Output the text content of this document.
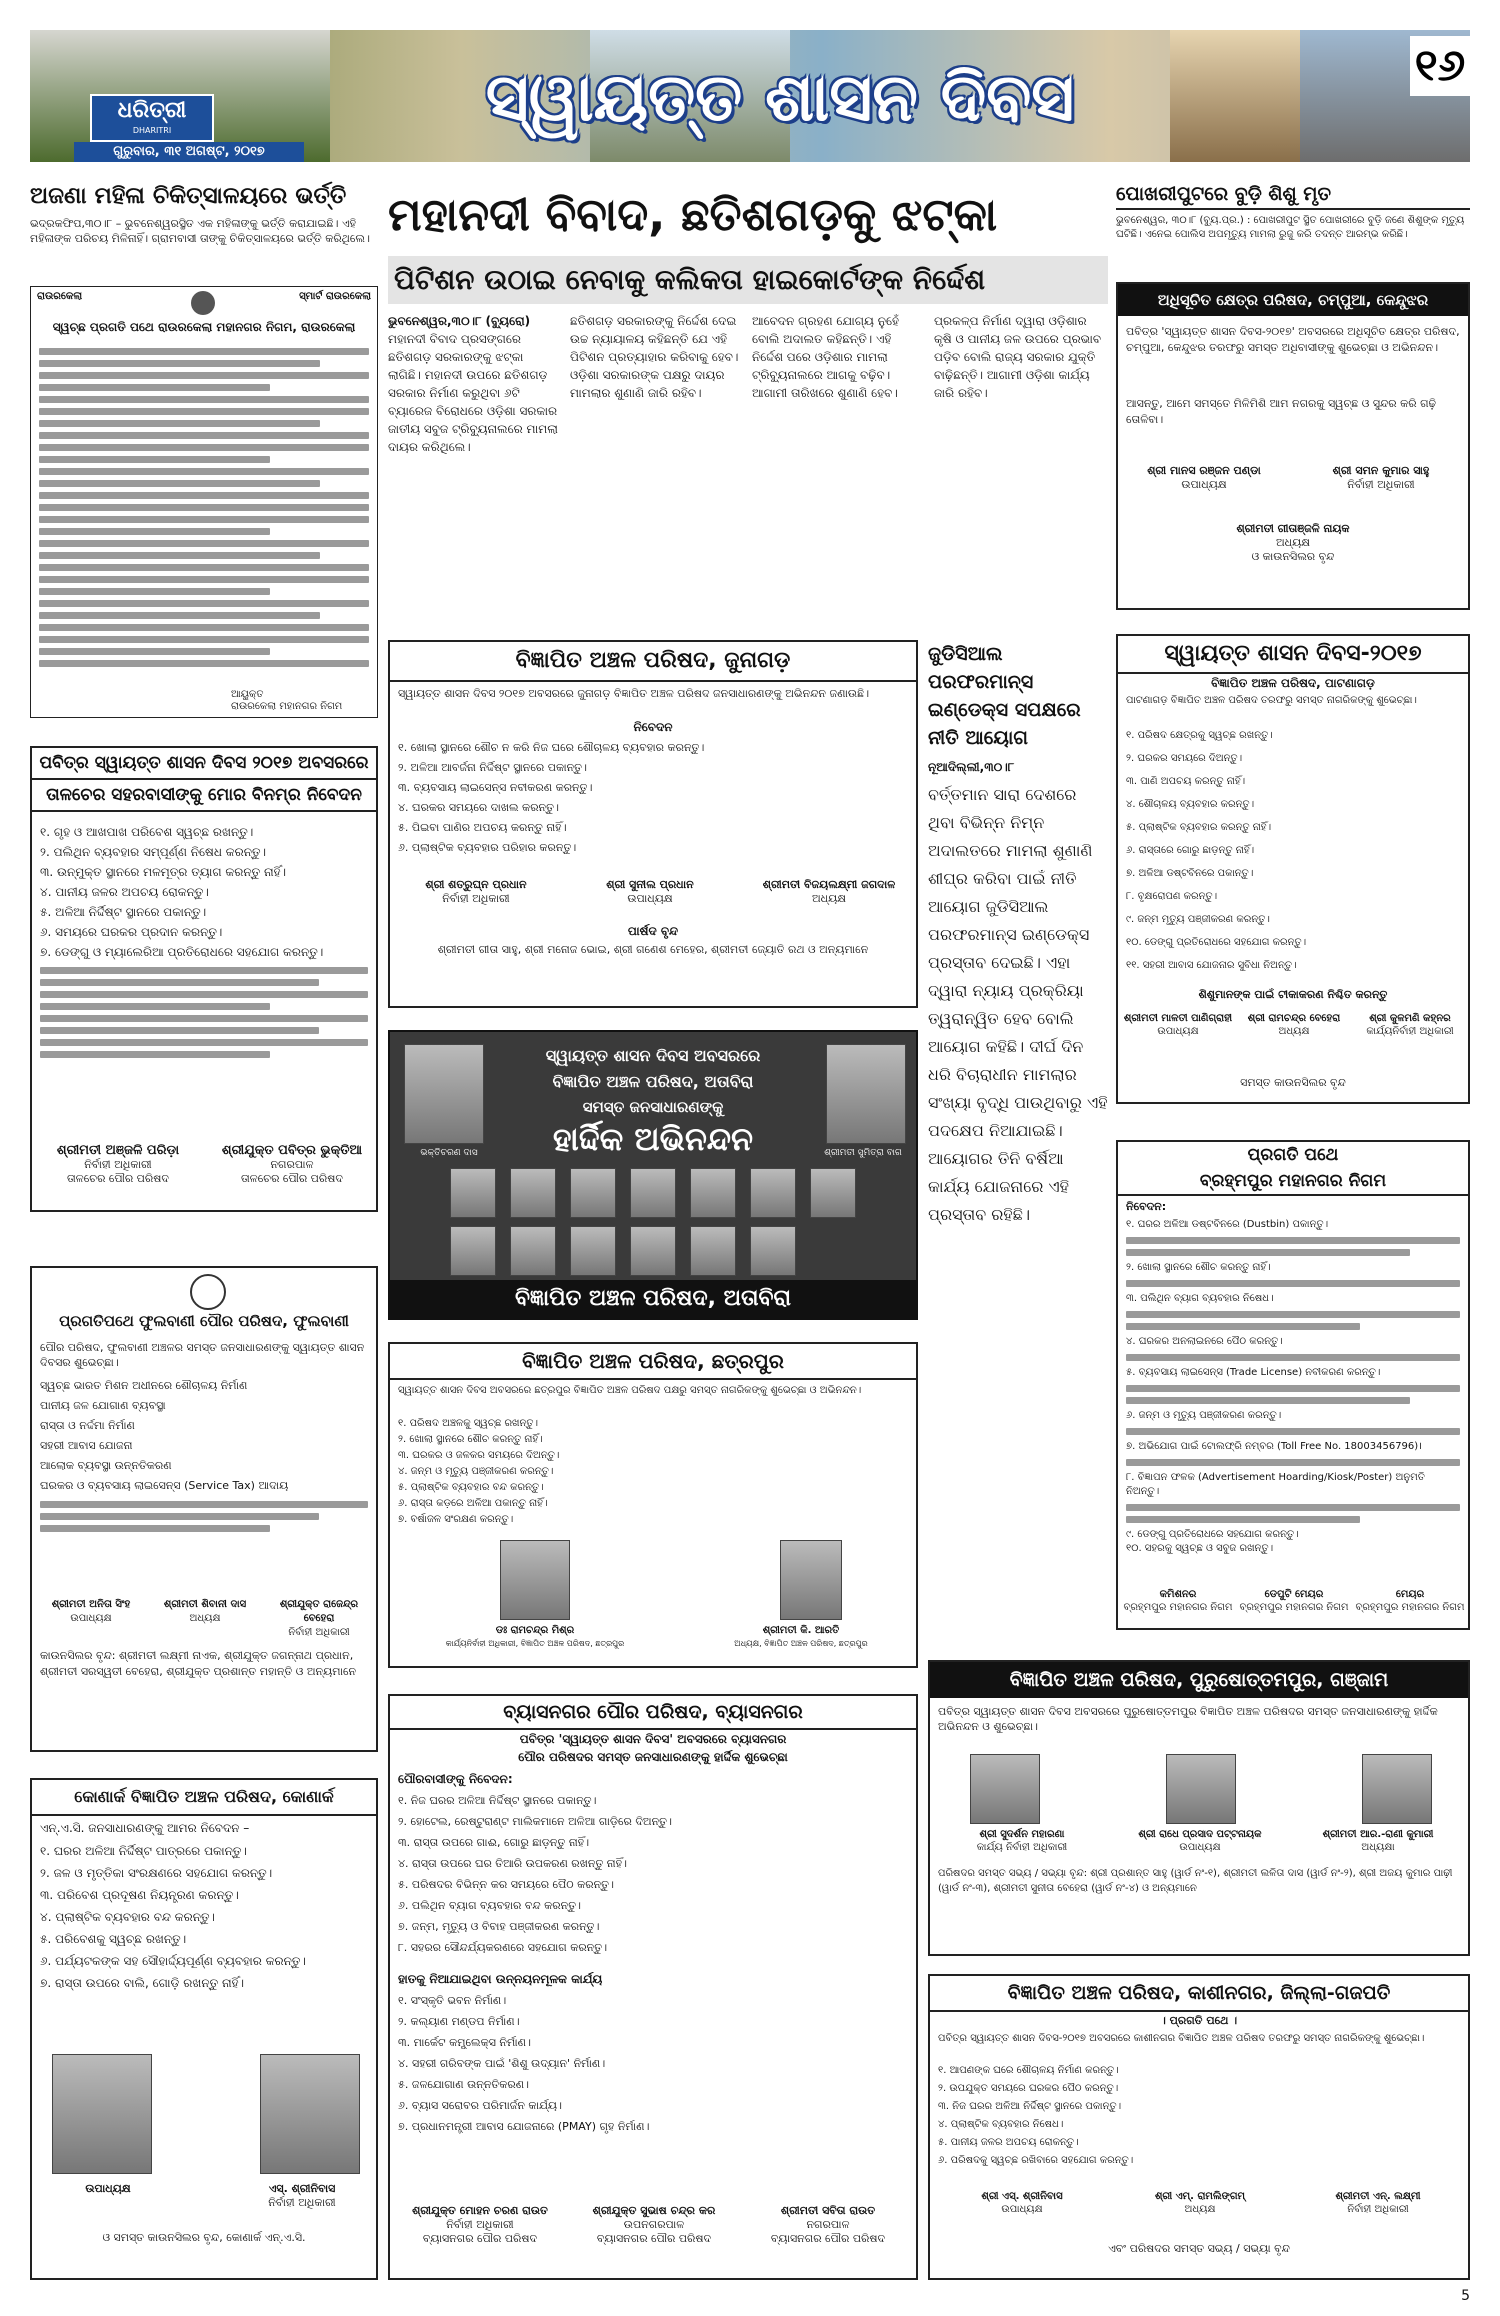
ଧରିତ୍ରୀ
DHARITRI
ଗୁରୁବାର, ୩୧ ଅଗଷ୍ଟ, ୨୦୧୭
ସ୍ୱାୟତ୍ତ ଶାସନ ଦିବସ	୧୬
ଅଜଣା ମହିଳା ଚିକିତ୍ସାଳୟରେ ଭର୍ତ୍ତି
ଭଦ୍ରକଫିପ,୩୦।୮ – ଭୁବନେଶ୍ୱରସ୍ଥିତ ଏକ ମହିଳାଙ୍କୁ ଭର୍ତ୍ତି କରାଯାଇଛି। ଏହି ମହିଳାଙ୍କ ପରିଚୟ ମିଳିନାହିଁ। ଗ୍ରାମବାସୀ ତାଙ୍କୁ ଚିକିତ୍ସାଳୟରେ ଭର୍ତ୍ତି କରିଥିଲେ।
ରାଉରକେଲା	ସ୍ମାର୍ଟ ରାଉରକେଲା
ସ୍ୱଚ୍ଛ ପ୍ରଗତି ପଥେ ରାଉରକେଲା ମହାନଗର ନିଗମ, ରାଉରକେଲା
ଆୟୁକ୍ତ
ରାଉରକେଲା ମହାନଗର ନିଗମ
ପବିତ୍ର ସ୍ୱାୟତ୍ତ ଶାସନ ଦିବସ ୨୦୧୭ ଅବସରରେ
ତାଳଚେର ସହରବାସୀଙ୍କୁ ମୋର ବିନମ୍ର ନିବେଦନ
୧. ଗୃହ ଓ ଆଖପାଖ ପରିବେଶ ସ୍ୱଚ୍ଛ ରଖନ୍ତୁ।
୨. ପଲିଥିନ ବ୍ୟବହାର ସମ୍ପୂର୍ଣ୍ଣ ନିଷେଧ କରନ୍ତୁ।
୩. ଉନ୍ମୁକ୍ତ ସ୍ଥାନରେ ମଳମୂତ୍ର ତ୍ୟାଗ କରନ୍ତୁ ନାହିଁ।
୪. ପାନୀୟ ଜଳର ଅପଚୟ ରୋକନ୍ତୁ।
୫. ଅଳିଆ ନିର୍ଦ୍ଦିଷ୍ଟ ସ୍ଥାନରେ ପକାନ୍ତୁ।
୬. ସମୟରେ ଘରକର ପ୍ରଦାନ କରନ୍ତୁ।
୭. ଡେଙ୍ଗୁ ଓ ମ୍ୟାଲେରିଆ ପ୍ରତିରୋଧରେ ସହଯୋଗ କରନ୍ତୁ।
ଶ୍ରୀମତୀ ଅଞ୍ଜଳି ପରିଡ଼ା
ନିର୍ବାହୀ ଅଧିକାରୀ
ତାଳଚେର ପୌର ପରିଷଦ
ଶ୍ରୀଯୁକ୍ତ ପବିତ୍ର ଭୁକ୍ତିଆ
ନଗରପାଳ
ତାଳଚେର ପୌର ପରିଷଦ
ପ୍ରଗତିପଥେ ଫୁଲବାଣୀ ପୌର ପରିଷଦ, ଫୁଲବାଣୀ
ପୌର ପରିଷଦ, ଫୁଲବାଣୀ ଅଞ୍ଚଳର ସମସ୍ତ ଜନସାଧାରଣଙ୍କୁ ସ୍ୱାୟତ୍ତ ଶାସନ ଦିବସର ଶୁଭେଚ୍ଛା।
ସ୍ୱଚ୍ଛ ଭାରତ ମିଶନ ଅଧୀନରେ ଶୌଚାଳୟ ନିର୍ମାଣ
ପାନୀୟ ଜଳ ଯୋଗାଣ ବ୍ୟବସ୍ଥା
ରାସ୍ତା ଓ ନର୍ଦ୍ଦମା ନିର୍ମାଣ
ସହରୀ ଆବାସ ଯୋଜନା
ଆଲୋକ ବ୍ୟବସ୍ଥା ଉନ୍ନତିକରଣ
ଘରକର ଓ ବ୍ୟବସାୟ ଲାଇସେନ୍ସ (Service Tax) ଆଦାୟ
ଶ୍ରୀମତୀ ଅନିତା ସିଂହ
ଉପାଧ୍ୟକ୍ଷ
ଶ୍ରୀମତୀ ଶିବାନୀ ଦାସ
ଅଧ୍ୟକ୍ଷ
ଶ୍ରୀଯୁକ୍ତ ରାଜେନ୍ଦ୍ର ବେହେରା
ନିର୍ବାହୀ ଅଧିକାରୀ
କାଉନସିଲର ବୃନ୍ଦ: ଶ୍ରୀମତୀ ଲକ୍ଷ୍ମୀ ନାଏକ, ଶ୍ରୀଯୁକ୍ତ ଜଗନ୍ନାଥ ପ୍ରଧାନ, ଶ୍ରୀମତୀ ସରସ୍ୱତୀ ବେହେରା, ଶ୍ରୀଯୁକ୍ତ ପ୍ରଶାନ୍ତ ମହାନ୍ତି ଓ ଅନ୍ୟମାନେ
କୋଣାର୍କ ବିଜ୍ଞାପିତ ଅଞ୍ଚଳ ପରିଷଦ, କୋଣାର୍କ
ଏନ୍.ଏ.ସି. ଜନସାଧାରଣଙ୍କୁ ଆମର ନିବେଦନ –
୧. ଘରର ଅଳିଆ ନିର୍ଦ୍ଦିଷ୍ଟ ପାତ୍ରରେ ପକାନ୍ତୁ।
୨. ଜଳ ଓ ମୃତ୍ତିକା ସଂରକ୍ଷଣରେ ସହଯୋଗ କରନ୍ତୁ।
୩. ପରିବେଶ ପ୍ରଦୂଷଣ ନିୟନ୍ତ୍ରଣ କରନ୍ତୁ।
୪. ପ୍ଲାଷ୍ଟିକ ବ୍ୟବହାର ବନ୍ଦ କରନ୍ତୁ।
୫. ପରିବେଶକୁ ସ୍ୱଚ୍ଛ ରଖନ୍ତୁ।
୬. ପର୍ଯ୍ୟଟକଙ୍କ ସହ ସୌହାର୍ଦ୍ଦ୍ୟପୂର୍ଣ୍ଣ ବ୍ୟବହାର କରନ୍ତୁ।
୭. ରାସ୍ତା ଉପରେ ବାଲି, ଗୋଡ଼ି ରଖନ୍ତୁ ନାହିଁ।
ଉପାଧ୍ୟକ୍ଷ	ଏସ୍. ଶ୍ରୀନିବାସ
ନିର୍ବାହୀ ଅଧିକାରୀ
ଓ ସମସ୍ତ କାଉନସିଲର ବୃନ୍ଦ, କୋଣାର୍କ ଏନ୍.ଏ.ସି.
ମହାନଦୀ ବିବାଦ, ଛତିଶଗଡ଼କୁ ଝଟ୍କା
ପିଟିଶନ ଉଠାଇ ନେବାକୁ କଲିକତା ହାଇକୋର୍ଟଙ୍କ ନିର୍ଦ୍ଦେଶ
ଭୁବନେଶ୍ୱର,୩୦।୮ (ବ୍ୟୁରୋ)
ମହାନଦୀ ବିବାଦ ପ୍ରସଙ୍ଗରେ ଛତିଶଗଡ଼ ସରକାରଙ୍କୁ ଝଟ୍କା ଲାଗିଛି। ମହାନଦୀ ଉପରେ ଛତିଶଗଡ଼ ସରକାର ନିର୍ମାଣ କରୁଥିବା ୬ଟି ବ୍ୟାରେଜ ବିରୋଧରେ ଓଡ଼ିଶା ସରକାର ଜାତୀୟ ସବୁଜ ଟ୍ରିବ୍ୟୁନାଲରେ ମାମଲା ଦାୟର କରିଥିଲେ।
ଛତିଶଗଡ଼ ସରକାରଙ୍କୁ ନିର୍ଦ୍ଦେଶ ଦେଇ ଉଚ୍ଚ ନ୍ୟାୟାଳୟ କହିଛନ୍ତି ଯେ ଏହି ପିଟିଶନ ପ୍ରତ୍ୟାହାର କରିବାକୁ ହେବ। ଓଡ଼ିଶା ସରକାରଙ୍କ ପକ୍ଷରୁ ଦାୟର ମାମଲାର ଶୁଣାଣି ଜାରି ରହିବ।
ଆବେଦନ ଗ୍ରହଣ ଯୋଗ୍ୟ ନୁହେଁ ବୋଲି ଅଦାଲତ କହିଛନ୍ତି। ଏହି ନିର୍ଦ୍ଦେଶ ପରେ ଓଡ଼ିଶାର ମାମଲା ଟ୍ରିବ୍ୟୁନାଲରେ ଆଗକୁ ବଢ଼ିବ। ଆଗାମୀ ତାରିଖରେ ଶୁଣାଣି ହେବ।
ପ୍ରକଳ୍ପ ନିର୍ମାଣ ଦ୍ୱାରା ଓଡ଼ିଶାର କୃଷି ଓ ପାନୀୟ ଜଳ ଉପରେ ପ୍ରଭାବ ପଡ଼ିବ ବୋଲି ରାଜ୍ୟ ସରକାର ଯୁକ୍ତି ବାଢ଼ିଛନ୍ତି। ଆଗାମୀ ଓଡ଼ିଶା କାର୍ଯ୍ୟ ଜାରି ରହିବ।
ବିଜ୍ଞାପିତ ଅଞ୍ଚଳ ପରିଷଦ, ଜୁନାଗଡ଼
ସ୍ୱାୟତ୍ତ ଶାସନ ଦିବସ ୨୦୧୭ ଅବସରରେ ଜୁନାଗଡ଼ ବିଜ୍ଞାପିତ ଅଞ୍ଚଳ ପରିଷଦ ଜନସାଧାରଣଙ୍କୁ ଅଭିନନ୍ଦନ ଜଣାଉଛି।
ନିବେଦନ
୧. ଖୋଲା ସ୍ଥାନରେ ଶୌଚ ନ କରି ନିଜ ଘରେ ଶୌଚାଳୟ ବ୍ୟବହାର କରନ୍ତୁ।
୨. ଅଳିଆ ଆବର୍ଜନା ନିର୍ଦ୍ଦିଷ୍ଟ ସ୍ଥାନରେ ପକାନ୍ତୁ।
୩. ବ୍ୟବସାୟ ଲାଇସେନ୍ସ ନବୀକରଣ କରନ୍ତୁ।
୪. ଘରକର ସମୟରେ ଦାଖଲ କରନ୍ତୁ।
୫. ପିଇବା ପାଣିର ଅପଚୟ କରନ୍ତୁ ନାହିଁ।
୬. ପ୍ଲାଷ୍ଟିକ ବ୍ୟବହାର ପରିହାର କରନ୍ତୁ।
ଶ୍ରୀ ଶତ୍ରୁଘ୍ନ ପ୍ରଧାନ
ନିର୍ବାହୀ ଅଧିକାରୀ
ଶ୍ରୀ ସୁନୀଲ ପ୍ରଧାନ
ଉପାଧ୍ୟକ୍ଷ
ଶ୍ରୀମତୀ ବିଜୟଲକ୍ଷ୍ମୀ ଜଗଦାଳ
ଅଧ୍ୟକ୍ଷ
ପାର୍ଷଦ ବୃନ୍ଦ
ଶ୍ରୀମତୀ ଗୀତା ସାହୁ, ଶ୍ରୀ ମନୋଜ ଭୋଇ, ଶ୍ରୀ ଗଣେଶ ମେହେର, ଶ୍ରୀମତୀ ଜ୍ୟୋତି ରଥ ଓ ଅନ୍ୟମାନେ
ସ୍ୱାୟତ୍ତ ଶାସନ ଦିବସ ଅବସରରେ
ବିଜ୍ଞାପିତ ଅଞ୍ଚଳ ପରିଷଦ, ଅତାବିରା
ସମସ୍ତ ଜନସାଧାରଣଙ୍କୁ
ଭକ୍ତିଚରଣ ଦାସ	ଶ୍ରୀମତୀ ସୁମିତ୍ରା ବାଗ
ହାର୍ଦ୍ଦିକ ଅଭିନନ୍ଦନ
ବିଜ୍ଞାପିତ ଅଞ୍ଚଳ ପରିଷଦ, ଅତାବିରା
ବିଜ୍ଞାପିତ ଅଞ୍ଚଳ ପରିଷଦ, ଛତ୍ରପୁର
ସ୍ୱାୟତ୍ତ ଶାସନ ଦିବସ ଅବସରରେ ଛତ୍ରପୁର ବିଜ୍ଞାପିତ ଅଞ୍ଚଳ ପରିଷଦ ପକ୍ଷରୁ ସମସ୍ତ ନାଗରିକଙ୍କୁ ଶୁଭେଚ୍ଛା ଓ ଅଭିନନ୍ଦନ।
୧. ପରିଷଦ ଅଞ୍ଚଳକୁ ସ୍ୱଚ୍ଛ ରଖନ୍ତୁ।
୨. ଖୋଲା ସ୍ଥାନରେ ଶୌଚ କରନ୍ତୁ ନାହିଁ।
୩. ଘରକର ଓ ଜଳକର ସମୟରେ ଦିଅନ୍ତୁ।
୪. ଜନ୍ମ ଓ ମୃତ୍ୟୁ ପଞ୍ଜୀକରଣ କରନ୍ତୁ।
୫. ପ୍ଲାଷ୍ଟିକ ବ୍ୟବହାର ବନ୍ଦ କରନ୍ତୁ।
୬. ରାସ୍ତା କଡ଼ରେ ଅଳିଆ ପକାନ୍ତୁ ନାହିଁ।
୭. ବର୍ଷାଜଳ ସଂରକ୍ଷଣ କରନ୍ତୁ।
ଡଃ ରାମଚନ୍ଦ୍ର ମିଶ୍ର
କାର୍ଯ୍ୟନିର୍ବାହୀ ଅଧିକାରୀ, ବିଜ୍ଞାପିତ ଅଞ୍ଚଳ ପରିଷଦ, ଛତ୍ରପୁର
ଶ୍ରୀମତୀ କି. ଆରତି
ଅଧ୍ୟକ୍ଷ, ବିଜ୍ଞାପିତ ଅଞ୍ଚଳ ପରିଷଦ, ଛତ୍ରପୁର
ବ୍ୟାସନଗର ପୌର ପରିଷଦ, ବ୍ୟାସନଗର
ପବିତ୍ର 'ସ୍ୱାୟତ୍ତ ଶାସନ ଦିବସ' ଅବସରରେ ବ୍ୟାସନଗର
ପୌର ପରିଷଦର ସମସ୍ତ ଜନସାଧାରଣଙ୍କୁ ହାର୍ଦ୍ଦିକ ଶୁଭେଚ୍ଛା
ପୌରବାସୀଙ୍କୁ ନିବେଦନ:
୧. ନିଜ ଘରର ଅଳିଆ ନିର୍ଦ୍ଦିଷ୍ଟ ସ୍ଥାନରେ ପକାନ୍ତୁ।
୨. ହୋଟେଲ, ରେଷ୍ଟୁରାଣ୍ଟ ମାଲିକମାନେ ଅଳିଆ ଗାଡ଼ିରେ ଦିଅନ୍ତୁ।
୩. ରାସ୍ତା ଉପରେ ଗାଈ, ଗୋରୁ ଛାଡ଼ନ୍ତୁ ନାହିଁ।
୪. ରାସ୍ତା ଉପରେ ଘର ତିଆରି ଉପକରଣ ରଖନ୍ତୁ ନାହିଁ।
୫. ପରିଷଦର ବିଭିନ୍ନ କର ସମୟରେ ପୈଠ କରନ୍ତୁ।
୬. ପଲିଥିନ ବ୍ୟାଗ ବ୍ୟବହାର ବନ୍ଦ କରନ୍ତୁ।
୭. ଜନ୍ମ, ମୃତ୍ୟୁ ଓ ବିବାହ ପଞ୍ଜୀକରଣ କରନ୍ତୁ।
୮. ସହରର ସୌନ୍ଦର୍ଯ୍ୟକରଣରେ ସହଯୋଗ କରନ୍ତୁ।
ହାତକୁ ନିଆଯାଇଥିବା ଉନ୍ନୟନମୂଳକ କାର୍ଯ୍ୟ
୧. ସଂସ୍କୃତି ଭବନ ନିର୍ମାଣ।
୨. କଲ୍ୟାଣ ମଣ୍ଡପ ନିର୍ମାଣ।
୩. ମାର୍କେଟ କମ୍ପ୍ଲେକ୍ସ ନିର୍ମାଣ।
୪. ସହରୀ ଗରିବଙ୍କ ପାଇଁ 'ଶିଶୁ ଉଦ୍ୟାନ' ନିର୍ମାଣ।
୫. ଜଳଯୋଗାଣ ଉନ୍ନତିକରଣ।
୬. ବ୍ୟାସ ସରୋବର ପରିମାର୍ଜନ କାର୍ଯ୍ୟ।
୭. ପ୍ରଧାନମନ୍ତ୍ରୀ ଆବାସ ଯୋଜନାରେ (PMAY) ଗୃହ ନିର୍ମାଣ।
ଶ୍ରୀଯୁକ୍ତ ମୋହନ ଚରଣ ରାଉତ
ନିର୍ବାହୀ ଅଧିକାରୀ
ବ୍ୟାସନଗର ପୌର ପରିଷଦ
ଶ୍ରୀଯୁକ୍ତ ସୁଭାଷ ଚନ୍ଦ୍ର କର
ଉପନଗରପାଳ
ବ୍ୟାସନଗର ପୌର ପରିଷଦ
ଶ୍ରୀମତୀ ସବିତା ରାଉତ
ନଗରପାଳ
ବ୍ୟାସନଗର ପୌର ପରିଷଦ
ଜୁଡିସିଆଲ ପରଫରମାନ୍ସ ଇଣ୍ଡେକ୍ସ ସପକ୍ଷରେ ନୀତି ଆୟୋଗ
ନୂଆଦିଲ୍ଲୀ,୩୦।୮
ବର୍ତ୍ତମାନ ସାରା ଦେଶରେ ଥିବା ବିଭିନ୍ନ ନିମ୍ନ ଅଦାଲତରେ ମାମଲା ଶୁଣାଣି ଶୀଘ୍ର କରିବା ପାଇଁ ନୀତି ଆୟୋଗ ଜୁଡିସିଆଲ ପରଫରମାନ୍ସ ଇଣ୍ଡେକ୍ସ ପ୍ରସ୍ତାବ ଦେଇଛି। ଏହା ଦ୍ୱାରା ନ୍ୟାୟ ପ୍ରକ୍ରିୟା ତ୍ୱରାନ୍ୱିତ ହେବ ବୋଲି ଆୟୋଗ କହିଛି। ଦୀର୍ଘ ଦିନ ଧରି ବିଚାରାଧୀନ ମାମଲାର ସଂଖ୍ୟା ବୃଦ୍ଧି ପାଉଥିବାରୁ ଏହି ପଦକ୍ଷେପ ନିଆଯାଇଛି। ଆୟୋଗର ତିନି ବର୍ଷିଆ କାର୍ଯ୍ୟ ଯୋଜନାରେ ଏହି ପ୍ରସ୍ତାବ ରହିଛି।
ପୋଖରୀପୁଟରେ ବୁଡ଼ି ଶିଶୁ ମୃତ
ଭୁବନେଶ୍ୱର, ୩୦।୮ (ବ୍ୟୁ.ପ୍ର.) : ପୋଖରୀପୁଟ ସ୍ଥିତ ପୋଖରୀରେ ବୁଡ଼ି ଜଣେ ଶିଶୁଙ୍କ ମୃତ୍ୟୁ ଘଟିଛି। ଏନେଇ ପୋଲିସ ଅପମୃତ୍ୟୁ ମାମଲା ରୁଜୁ କରି ତଦନ୍ତ ଆରମ୍ଭ କରିଛି।
ଅଧିସୂଚିତ କ୍ଷେତ୍ର ପରିଷଦ, ଚମ୍ପୁଆ, କେନ୍ଦୁଝର
ପବିତ୍ର 'ସ୍ୱାୟତ୍ତ ଶାସନ ଦିବସ-୨୦୧୭' ଅବସରରେ ଅଧିସୂଚିତ କ୍ଷେତ୍ର ପରିଷଦ, ଚମ୍ପୁଆ, କେନ୍ଦୁଝର ତରଫରୁ ସମସ୍ତ ଅଧିବାସୀଙ୍କୁ ଶୁଭେଚ୍ଛା ଓ ଅଭିନନ୍ଦନ।
ଆସନ୍ତୁ, ଆମେ ସମସ୍ତେ ମିଳିମିଶି ଆମ ନଗରକୁ ସ୍ୱଚ୍ଛ ଓ ସୁନ୍ଦର କରି ଗଢ଼ି ତୋଳିବା।
ଶ୍ରୀ ମାନସ ରଞ୍ଜନ ପଣ୍ଡା
ଉପାଧ୍ୟକ୍ଷ
ଶ୍ରୀ ସମନ କୁମାର ସାହୁ
ନିର୍ବାହୀ ଅଧିକାରୀ
ଶ୍ରୀମତୀ ଗୀତାଞ୍ଜଳି ନାୟକ
ଅଧ୍ୟକ୍ଷ
ଓ କାଉନସିଲର ବୃନ୍ଦ
ସ୍ୱାୟତ୍ତ ଶାସନ ଦିବସ-୨୦୧୭
ବିଜ୍ଞାପିତ ଅଞ୍ଚଳ ପରିଷଦ, ପାଟଣାଗଡ଼
ପାଟଣାଗଡ଼ ବିଜ୍ଞାପିତ ଅଞ୍ଚଳ ପରିଷଦ ତରଫରୁ ସମସ୍ତ ନାଗରିକଙ୍କୁ ଶୁଭେଚ୍ଛା।
୧. ପରିଷଦ କ୍ଷେତ୍ରକୁ ସ୍ୱଚ୍ଛ ରଖନ୍ତୁ।
୨. ଘରକର ସମୟରେ ଦିଅନ୍ତୁ।
୩. ପାଣି ଅପଚୟ କରନ୍ତୁ ନାହିଁ।
୪. ଶୌଚାଳୟ ବ୍ୟବହାର କରନ୍ତୁ।
୫. ପ୍ଲାଷ୍ଟିକ ବ୍ୟବହାର କରନ୍ତୁ ନାହିଁ।
୬. ରାସ୍ତାରେ ଗୋରୁ ଛାଡ଼ନ୍ତୁ ନାହିଁ।
୭. ଅଳିଆ ଡଷ୍ଟବିନରେ ପକାନ୍ତୁ।
୮. ବୃକ୍ଷରୋପଣ କରନ୍ତୁ।
୯. ଜନ୍ମ ମୃତ୍ୟୁ ପଞ୍ଜୀକରଣ କରନ୍ତୁ।
୧୦. ଡେଙ୍ଗୁ ପ୍ରତିରୋଧରେ ସହଯୋଗ କରନ୍ତୁ।
୧୧. ସହରୀ ଆବାସ ଯୋଜନାର ସୁବିଧା ନିଅନ୍ତୁ।
ଶିଶୁମାନଙ୍କ ପାଇଁ ଟୀକାକରଣ ନିଶ୍ଚିତ କରନ୍ତୁ
ଶ୍ରୀମତୀ ମାଳତୀ ପାଣିଗ୍ରାହୀ
ଉପାଧ୍ୟକ୍ଷ
ଶ୍ରୀ ରାମଚନ୍ଦ୍ର ବେହେରା
ଅଧ୍ୟକ୍ଷ
ଶ୍ରୀ କୁଳମଣି କହ୍ନର
କାର୍ଯ୍ୟନିର୍ବାହୀ ଅଧିକାରୀ
ସମସ୍ତ କାଉନସିଲର ବୃନ୍ଦ
ପ୍ରଗତି ପଥେ
ବ୍ରହ୍ମପୁର ମହାନଗର ନିଗମ
ନିବେଦନ:
୧. ଘରର ଅଳିଆ ଡଷ୍ଟବିନରେ (Dustbin) ପକାନ୍ତୁ।
୨. ଖୋଲା ସ୍ଥାନରେ ଶୌଚ କରନ୍ତୁ ନାହିଁ।
୩. ପଲିଥିନ ବ୍ୟାଗ ବ୍ୟବହାର ନିଷେଧ।
୪. ଘରକର ଅନଲାଇନରେ ପୈଠ କରନ୍ତୁ।
୫. ବ୍ୟବସାୟ ଲାଇସେନ୍ସ (Trade License) ନବୀକରଣ କରନ୍ତୁ।
୬. ଜନ୍ମ ଓ ମୃତ୍ୟୁ ପଞ୍ଜୀକରଣ କରନ୍ତୁ।
୭. ଅଭିଯୋଗ ପାଇଁ ଟୋଲଫ୍ରି ନମ୍ବର (Toll Free No. 18003456796)।
୮. ବିଜ୍ଞାପନ ଫଳକ (Advertisement Hoarding/Kiosk/Poster) ଅନୁମତି ନିଅନ୍ତୁ।
୯. ଡେଙ୍ଗୁ ପ୍ରତିରୋଧରେ ସହଯୋଗ କରନ୍ତୁ।
୧୦. ସହରକୁ ସ୍ୱଚ୍ଛ ଓ ସବୁଜ ରଖନ୍ତୁ।
କମିଶନର
ବ୍ରହ୍ମପୁର ମହାନଗର ନିଗମ
ଡେପୁଟି ମେୟର
ବ୍ରହ୍ମପୁର ମହାନଗର ନିଗମ
ମେୟର
ବ୍ରହ୍ମପୁର ମହାନଗର ନିଗମ
ବିଜ୍ଞାପିତ ଅଞ୍ଚଳ ପରିଷଦ, ପୁରୁଷୋତ୍ତମପୁର, ଗଞ୍ଜାମ
ପବିତ୍ର ସ୍ୱାୟତ୍ତ ଶାସନ ଦିବସ ଅବସରରେ ପୁରୁଷୋତ୍ତମପୁର ବିଜ୍ଞାପିତ ଅଞ୍ଚଳ ପରିଷଦର ସମସ୍ତ ଜନସାଧାରଣଙ୍କୁ ହାର୍ଦ୍ଦିକ ଅଭିନନ୍ଦନ ଓ ଶୁଭେଚ୍ଛା।
ଶ୍ରୀ ସୁଦର୍ଶନ ମହାରଣା
କାର୍ଯ୍ୟ ନିର୍ବାହୀ ଅଧିକାରୀ
ଶ୍ରୀ ରାଧେ ପ୍ରସାଦ ପଟ୍ଟନାୟକ
ଉପାଧ୍ୟକ୍ଷ
ଶ୍ରୀମତୀ ଆର.-ରାଣୀ କୁମାରୀ
ଅଧ୍ୟକ୍ଷା
ପରିଷଦର ସମସ୍ତ ସଭ୍ୟ / ସଭ୍ୟା ବୃନ୍ଦ: ଶ୍ରୀ ପ୍ରଶାନ୍ତ ସାହୁ (ୱାର୍ଡ ନଂ-୧), ଶ୍ରୀମତୀ ଲଳିତା ଦାସ (ୱାର୍ଡ ନଂ-୨), ଶ୍ରୀ ଅଜୟ କୁମାର ପାଢ଼ୀ (ୱାର୍ଡ ନଂ-୩), ଶ୍ରୀମତୀ ସୁନୀତା ବେହେରା (ୱାର୍ଡ ନଂ-୪) ଓ ଅନ୍ୟମାନେ
ବିଜ୍ଞାପିତ ଅଞ୍ଚଳ ପରିଷଦ, କାଶୀନଗର, ଜିଲ୍ଲା-ଗଜପତି
। ପ୍ରଗତି ପଥେ ।
ପବିତ୍ର ସ୍ୱାୟତ୍ତ ଶାସନ ଦିବସ-୨୦୧୭ ଅବସରରେ କାଶୀନଗର ବିଜ୍ଞାପିତ ଅଞ୍ଚଳ ପରିଷଦ ତରଫରୁ ସମସ୍ତ ନାଗରିକଙ୍କୁ ଶୁଭେଚ୍ଛା।
୧. ଆପଣଙ୍କ ଘରେ ଶୌଚାଳୟ ନିର୍ମାଣ କରନ୍ତୁ।
୨. ଉପଯୁକ୍ତ ସମୟରେ ଘରକର ପୈଠ କରନ୍ତୁ।
୩. ନିଜ ଘରର ଅଳିଆ ନିର୍ଦ୍ଦିଷ୍ଟ ସ୍ଥାନରେ ପକାନ୍ତୁ।
୪. ପ୍ଲାଷ୍ଟିକ ବ୍ୟବହାର ନିଷେଧ।
୫. ପାନୀୟ ଜଳର ଅପଚୟ ରୋକନ୍ତୁ।
୬. ପରିଷଦକୁ ସ୍ୱଚ୍ଛ ରଖିବାରେ ସହଯୋଗ କରନ୍ତୁ।
ଶ୍ରୀ ଏସ୍. ଶ୍ରୀନିବାସ
ଉପାଧ୍ୟକ୍ଷ
ଶ୍ରୀ ଏମ୍. ରାମଲିଙ୍ଗମ୍
ଅଧ୍ୟକ୍ଷ
ଶ୍ରୀମତୀ ଏନ୍. ଲକ୍ଷ୍ମୀ
ନିର୍ବାହୀ ଅଧିକାରୀ
ଏବଂ ପରିଷଦର ସମସ୍ତ ସଭ୍ୟ / ସଭ୍ୟା ବୃନ୍ଦ
5
